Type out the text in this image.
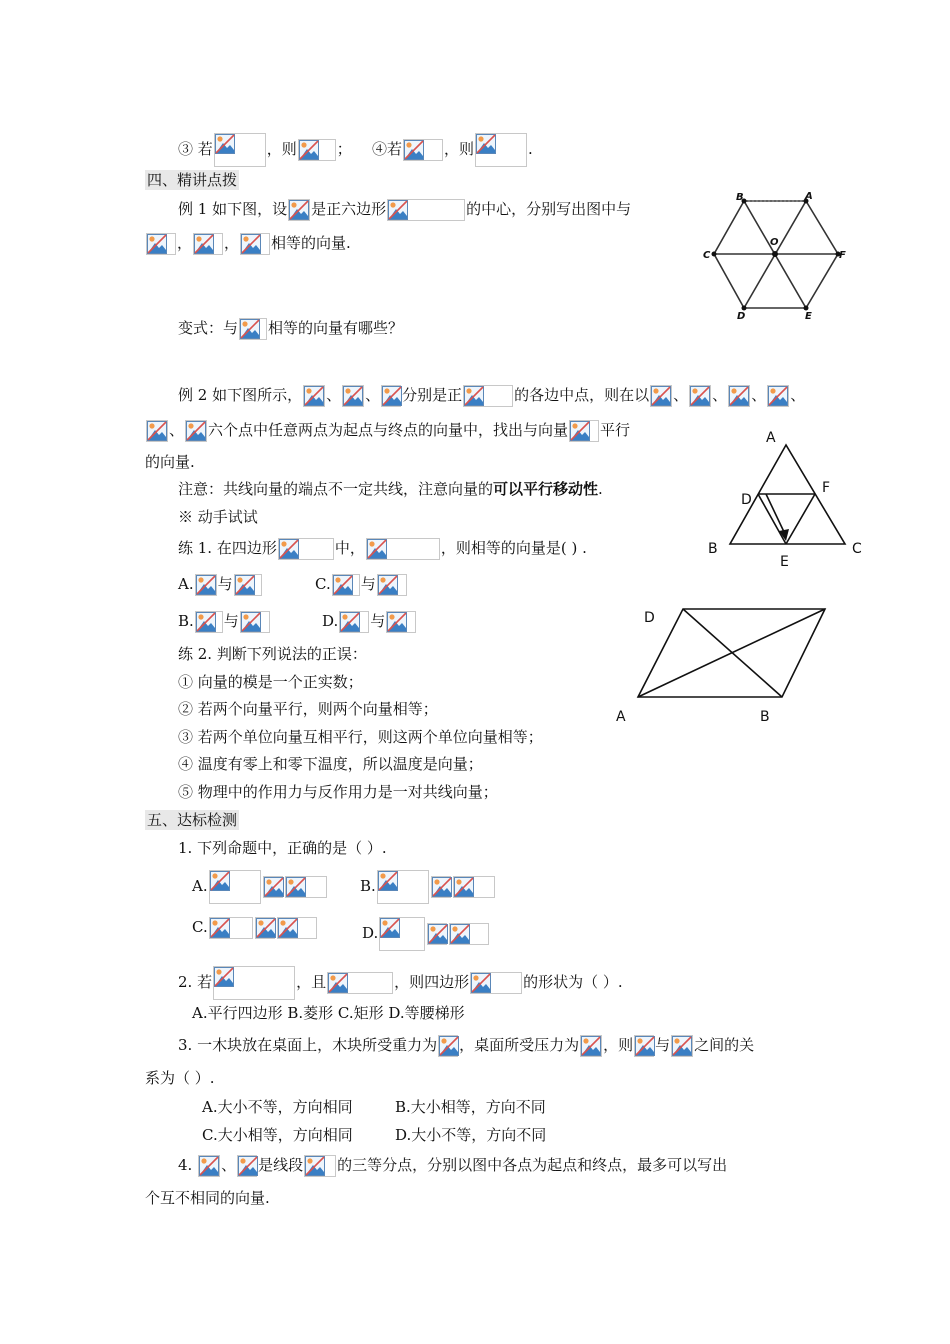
③ 若	，则	； ④若	，则	.
四、精讲点拨
例 1 如下图，设 是正六边形	的中心，分别写出图中与
， ， 相等的向量.
B	A
C
O
F
D	E
变式：与 相等的向量有哪些？
例 2 如下图所示， 、 、 分别是正	的各边中点，则在以 、 、 、 、
、 六个点中任意两点为起点与终点的向量中，找出与向量 平行
的向量.
注意：共线向量的端点不一定共线，注意向量的可以平行移动性.
※ 动手试试
A
D
F
B
E
C
练 1. 在四边形	中，	，则相等的向量是( ) .
A. 与	C. 与
B. 与	D. 与	D
A	B
练 2. 判断下列说法的正误：
① 向量的模是一个正实数；
② 若两个向量平行，则两个向量相等；
③ 若两个单位向量互相平行，则这两个单位向量相等；
④ 温度有零上和零下温度，所以温度是向量；
⑤ 物理中的作用力与反作用力是一对共线向量；
五、达标检测
1. 下列命题中，正确的是（ ）.
A.	B.
C.	D.
2. 若	，且	，则四边形	的形状为（ ）.
A.平行四边形 B.菱形 C.矩形 D.等腰梯形
3. 一木块放在桌面上，木块所受重力为 ，桌面所受压力为 ，则 与 之间的关
系为（ ）.
A.大小不等，方向相同	B.大小相等，方向不同
C.大小相等，方向相同	D.大小不等，方向不同
4.
、 是线段 的三等分点，分别以图中各点为起点和终点，最多可以写出
个互不相同的向量.
